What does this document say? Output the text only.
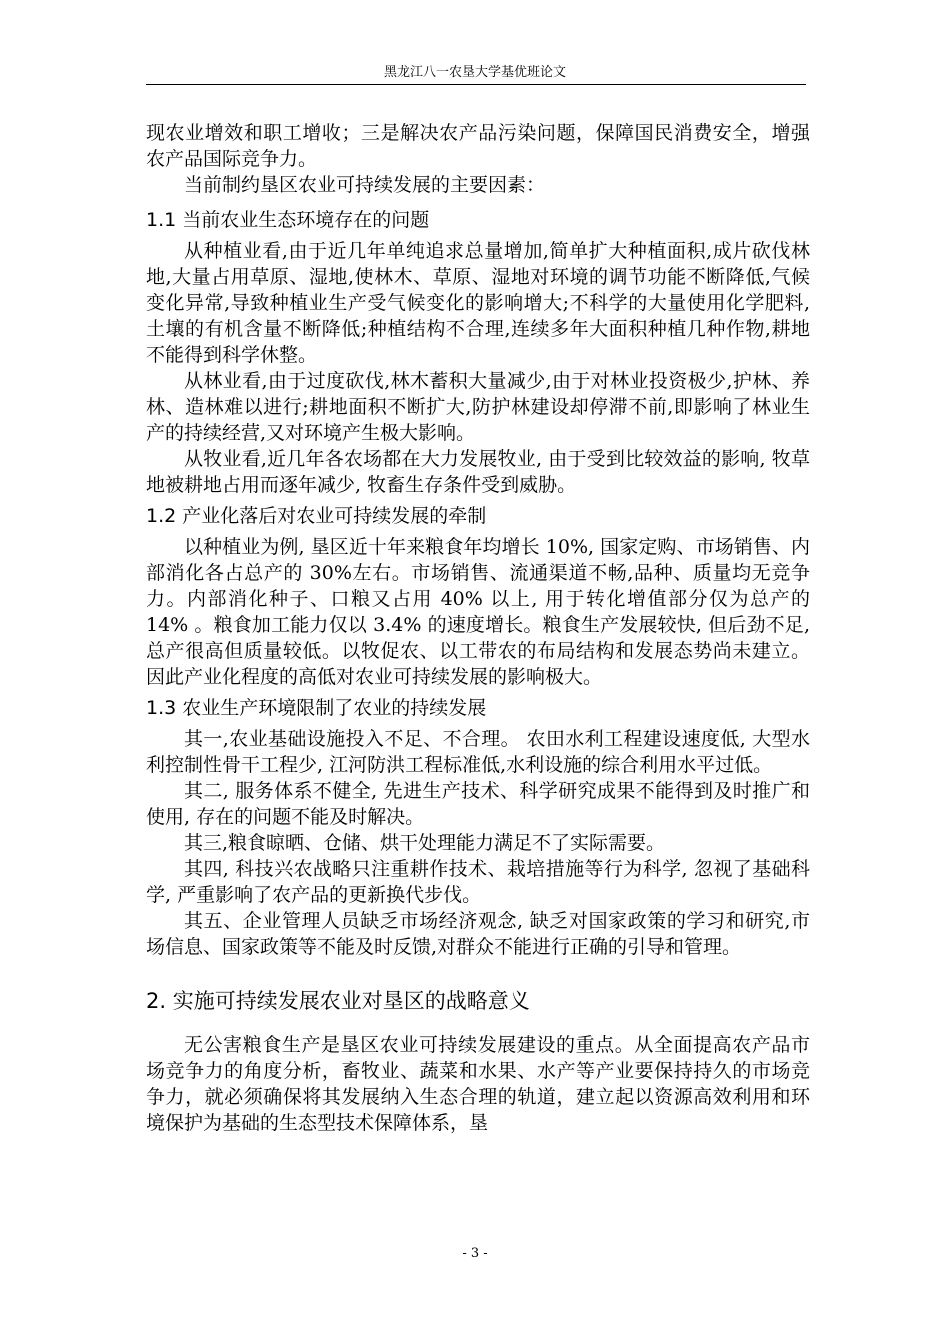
黑龙江八一农垦大学基优班论文

现农业增效和职工增收；三是解决农产品污染问题，保障国民消费安全，增强农产品国际竞争力。

当前制约垦区农业可持续发展的主要因素：

1.1 当前农业生态环境存在的问题

从种植业看,由于近几年单纯追求总量增加,简单扩大种植面积,成片砍伐林地,大量占用草原、湿地,使林木、草原、湿地对环境的调节功能不断降低,气候变化异常,导致种植业生产受气候变化的影响增大;不科学的大量使用化学肥料,土壤的有机含量不断降低;种植结构不合理,连续多年大面积种植几种作物,耕地不能得到科学休整。

从林业看,由于过度砍伐,林木蓄积大量减少,由于对林业投资极少,护林、养林、造林难以进行;耕地面积不断扩大,防护林建设却停滞不前,即影响了林业生产的持续经营,又对环境产生极大影响。

从牧业看,近几年各农场都在大力发展牧业, 由于受到比较效益的影响, 牧草地被耕地占用而逐年减少, 牧畜生存条件受到威胁。

1.2 产业化落后对农业可持续发展的牵制

以种植业为例, 垦区近十年来粮食年均增长 10%, 国家定购、市场销售、内部消化各占总产的 30%左右。市场销售、流通渠道不畅,品种、质量均无竞争力。内部消化种子、口粮又占用 40% 以上, 用于转化增值部分仅为总产的 14% 。粮食加工能力仅以 3.4% 的速度增长。粮食生产发展较快, 但后劲不足, 总产很高但质量较低。以牧促农、以工带农的布局结构和发展态势尚未建立。因此产业化程度的高低对农业可持续发展的影响极大。

1.3 农业生产环境限制了农业的持续发展

其一,农业基础设施投入不足、不合理。 农田水利工程建设速度低, 大型水利控制性骨干工程少, 江河防洪工程标准低,水利设施的综合利用水平过低。

其二, 服务体系不健全, 先进生产技术、科学研究成果不能得到及时推广和使用, 存在的问题不能及时解决。

其三,粮食晾晒、仓储、烘干处理能力满足不了实际需要。

其四, 科技兴农战略只注重耕作技术、栽培措施等行为科学, 忽视了基础科学, 严重影响了农产品的更新换代步伐。

其五、企业管理人员缺乏市场经济观念, 缺乏对国家政策的学习和研究,市场信息、国家政策等不能及时反馈,对群众不能进行正确的引导和管理。

2. 实施可持续发展农业对垦区的战略意义

无公害粮食生产是垦区农业可持续发展建设的重点。从全面提高农产品市场竞争力的角度分析，畜牧业、蔬菜和水果、水产等产业要保持持久的市场竞争力，就必须确保将其发展纳入生态合理的轨道，建立起以资源高效利用和环境保护为基础的生态型技术保障体系，垦

- 3 -
